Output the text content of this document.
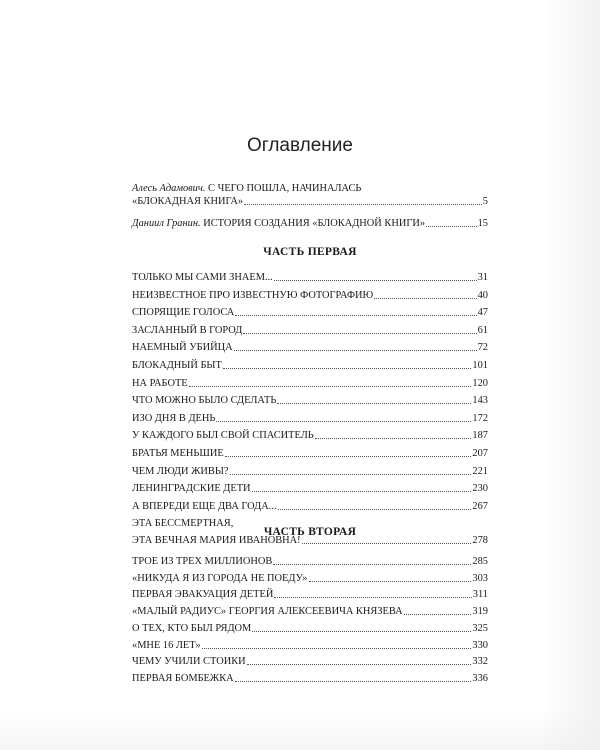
Оглавление
Алесь Адамович. С ЧЕГО ПОШЛА, НАЧИНАЛАСЬ
«БЛОКАДНАЯ КНИГА»	5
Даниил Гранин. ИСТОРИЯ СОЗДАНИЯ «БЛОКАДНОЙ КНИГИ»	15
ЧАСТЬ ПЕРВАЯ
ТОЛЬКО МЫ САМИ ЗНАЕМ...	31
НЕИЗВЕСТНОЕ ПРО ИЗВЕСТНУЮ ФОТОГРАФИЮ	40
СПОРЯЩИЕ ГОЛОСА	47
ЗАСЛАННЫЙ В ГОРОД	61
НАЕМНЫЙ УБИЙЦА	72
БЛОКАДНЫЙ БЫТ	101
НА РАБОТЕ	120
ЧТО МОЖНО БЫЛО СДЕЛАТЬ	143
ИЗО ДНЯ В ДЕНЬ	172
У КАЖДОГО БЫЛ СВОЙ СПАСИТЕЛЬ	187
БРАТЬЯ МЕНЬШИЕ	207
ЧЕМ ЛЮДИ ЖИВЫ?	221
ЛЕНИНГРАДСКИЕ ДЕТИ	230
А ВПЕРЕДИ ЕЩЕ ДВА ГОДА...	267
ЭТА БЕССМЕРТНАЯ,
ЭТА ВЕЧНАЯ МАРИЯ ИВАНОВНА!	278
ЧАСТЬ ВТОРАЯ
ТРОЕ ИЗ ТРЕХ МИЛЛИОНОВ	285
«НИКУДА Я ИЗ ГОРОДА НЕ ПОЕДУ»	303
ПЕРВАЯ ЭВАКУАЦИЯ ДЕТЕЙ	311
«МАЛЫЙ РАДИУС» ГЕОРГИЯ АЛЕКСЕЕВИЧА КНЯЗЕВА	319
О ТЕХ, КТО БЫЛ РЯДОМ	325
«МНЕ 16 ЛЕТ»	330
ЧЕМУ УЧИЛИ СТОИКИ	332
ПЕРВАЯ БОМБЕЖКА	336
